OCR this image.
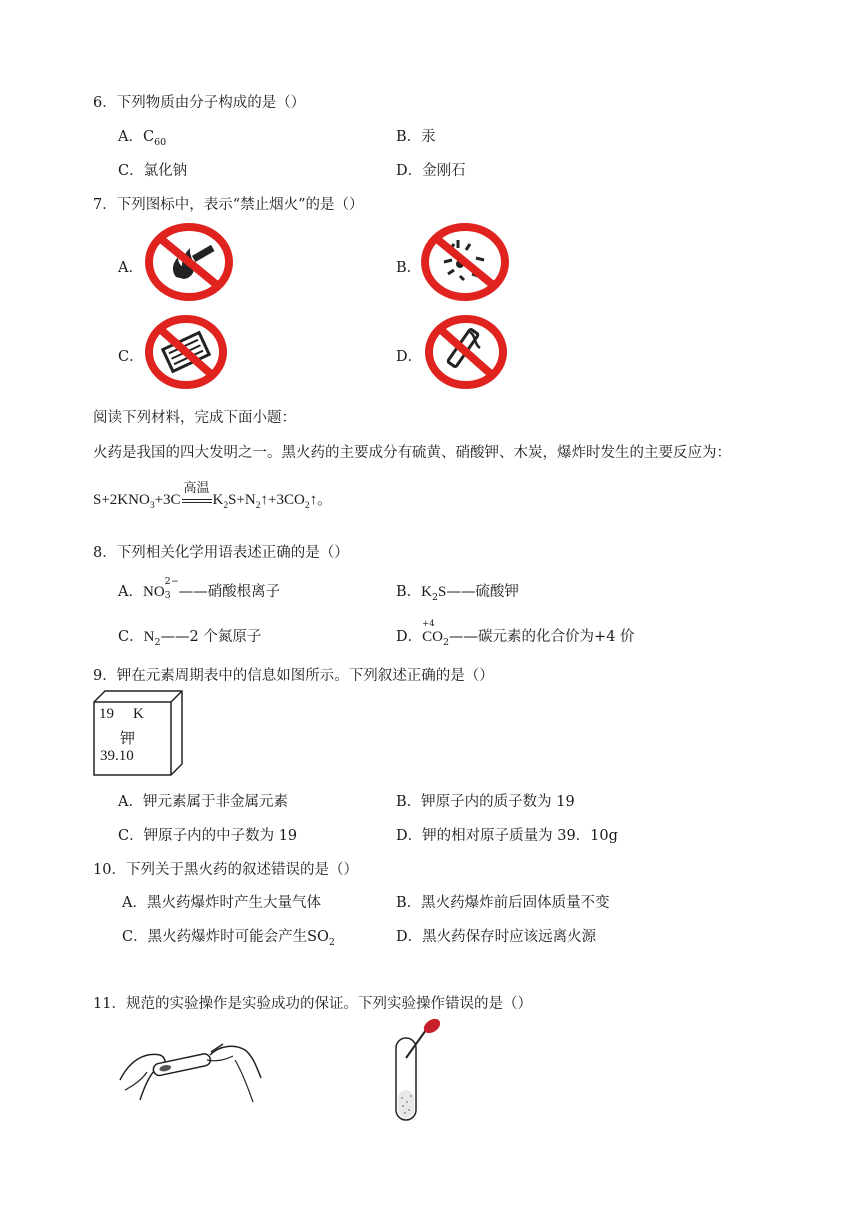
6．下列物质由分子构成的是（）
A．$C_{60}$	B．汞
C．氯化钠	D．金刚石
7．下列图标中，表示“禁止烟火”的是（）
A．	B．
C．	D．
阅读下列材料，完成下面小题：
火药是我国的四大发明之一。黑火药的主要成分有硫黄、硝酸钾、木炭，爆炸时发生的主要反应为：
$S+2KNO_3+3C$
高温
$K_2S+N_2↑+3CO_2↑$。
8．下列相关化学用语表述正确的是（）
A．NO
2−
3 ——硝酸根离子	B．$K_2S——$硫酸钾
C．$N_2——2$ 个氮原子	D．
+4
$CO_2——$碳元素的化合价为+4 价
9．钾在元素周期表中的信息如图所示。下列叙述正确的是（）
19 K
钾
39.10
A．钾元素属于非金属元素	B．钾原子内的质子数为 19
C．钾原子内的中子数为 19	D．钾的相对原子质量为 39．10g
10．下列关于黑火药的叙述错误的是（）
A．黑火药爆炸时产生大量气体	B．黑火药爆炸前后固体质量不变
C．黑火药爆炸时可能会产生$SO_2$	D．黑火药保存时应该远离火源
11．规范的实验操作是实验成功的保证。下列实验操作错误的是（）
